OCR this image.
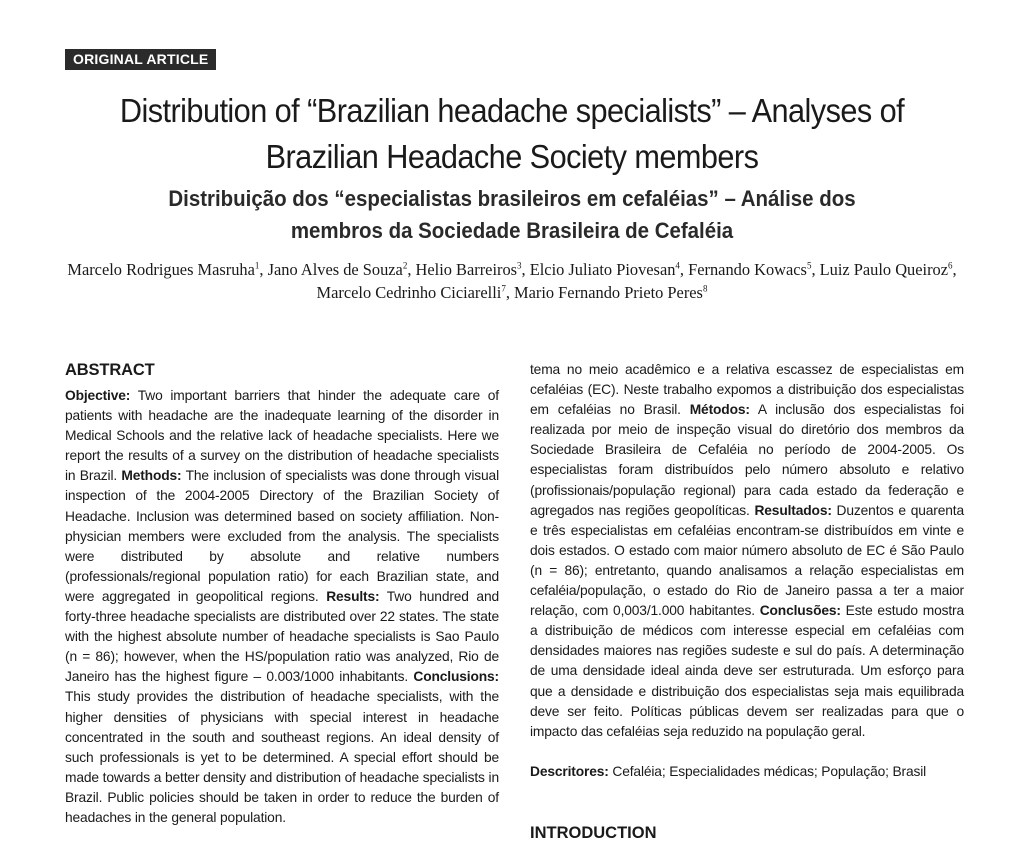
ORIGINAL ARTICLE
Distribution of “Brazilian headache specialists” – Analyses of Brazilian Headache Society members
Distribuição dos “especialistas brasileiros em cefaléias” – Análise dos membros da Sociedade Brasileira de Cefaléia
Marcelo Rodrigues Masruha$^1$, Jano Alves de Souza$^2$, Helio Barreiros$^3$, Elcio Juliato Piovesan$^4$, Fernando Kowacs$^5$, Luiz Paulo Queiroz$^6$, Marcelo Cedrinho Ciciarelli$^7$, Mario Fernando Prieto Peres$^8$
ABSTRACT

Objective: Two important barriers that hinder the adequate care of patients with headache are the inadequate learning of the disorder in Medical Schools and the relative lack of headache specialists. Here we report the results of a survey on the distribution of headache specialists in Brazil. Methods: The inclusion of specialists was done through visual inspection of the 2004-2005 Directory of the Brazilian Society of Headache. Inclusion was determined based on society affiliation. Non-physician members were excluded from the analysis. The specialists were distributed by absolute and relative numbers (professionals/regional population ratio) for each Brazilian state, and were aggregated in geopolitical regions. Results: Two hundred and forty-three headache specialists are distributed over 22 states. The state with the highest absolute number of headache specialists is Sao Paulo (n = 86); however, when the HS/population ratio was analyzed, Rio de Janeiro has the highest figure – 0.003/1000 inhabitants. Conclusions: This study provides the distribution of headache specialists, with the higher densities of physicians with special interest in headache concentrated in the south and southeast regions. An ideal density of such professionals is yet to be determined. A special effort should be made towards a better density and distribution of headache specialists in Brazil. Public policies should be taken in order to reduce the burden of headaches in the general population.

tema no meio acadêmico e a relativa escassez de especialistas em cefaléias (EC). Neste trabalho expomos a distribuição dos especialistas em cefaléias no Brasil. Métodos: A inclusão dos especialistas foi realizada por meio de inspeção visual do diretório dos membros da Sociedade Brasileira de Cefaléia no período de 2004-2005. Os especialistas foram distribuídos pelo número absoluto e relativo (profissionais/população regional) para cada estado da federação e agregados nas regiões geopolíticas. Resultados: Duzentos e quarenta e três especialistas em cefaléias encontram-se distribuídos em vinte e dois estados. O estado com maior número absoluto de EC é São Paulo (n = 86); entretanto, quando analisamos a relação especialistas em cefaléia/população, o estado do Rio de Janeiro passa a ter a maior relação, com 0,003/1.000 habitantes. Conclusões: Este estudo mostra a distribuição de médicos com interesse especial em cefaléias com densidades maiores nas regiões sudeste e sul do país. A determinação de uma densidade ideal ainda deve ser estruturada. Um esforço para que a densidade e distribuição dos especialistas seja mais equilibrada deve ser feito. Políticas públicas devem ser realizadas para que o impacto das cefaléias seja reduzido na população geral.

Descritores: Cefaléia; Especialidades médicas; População; Brasil

INTRODUCTION
